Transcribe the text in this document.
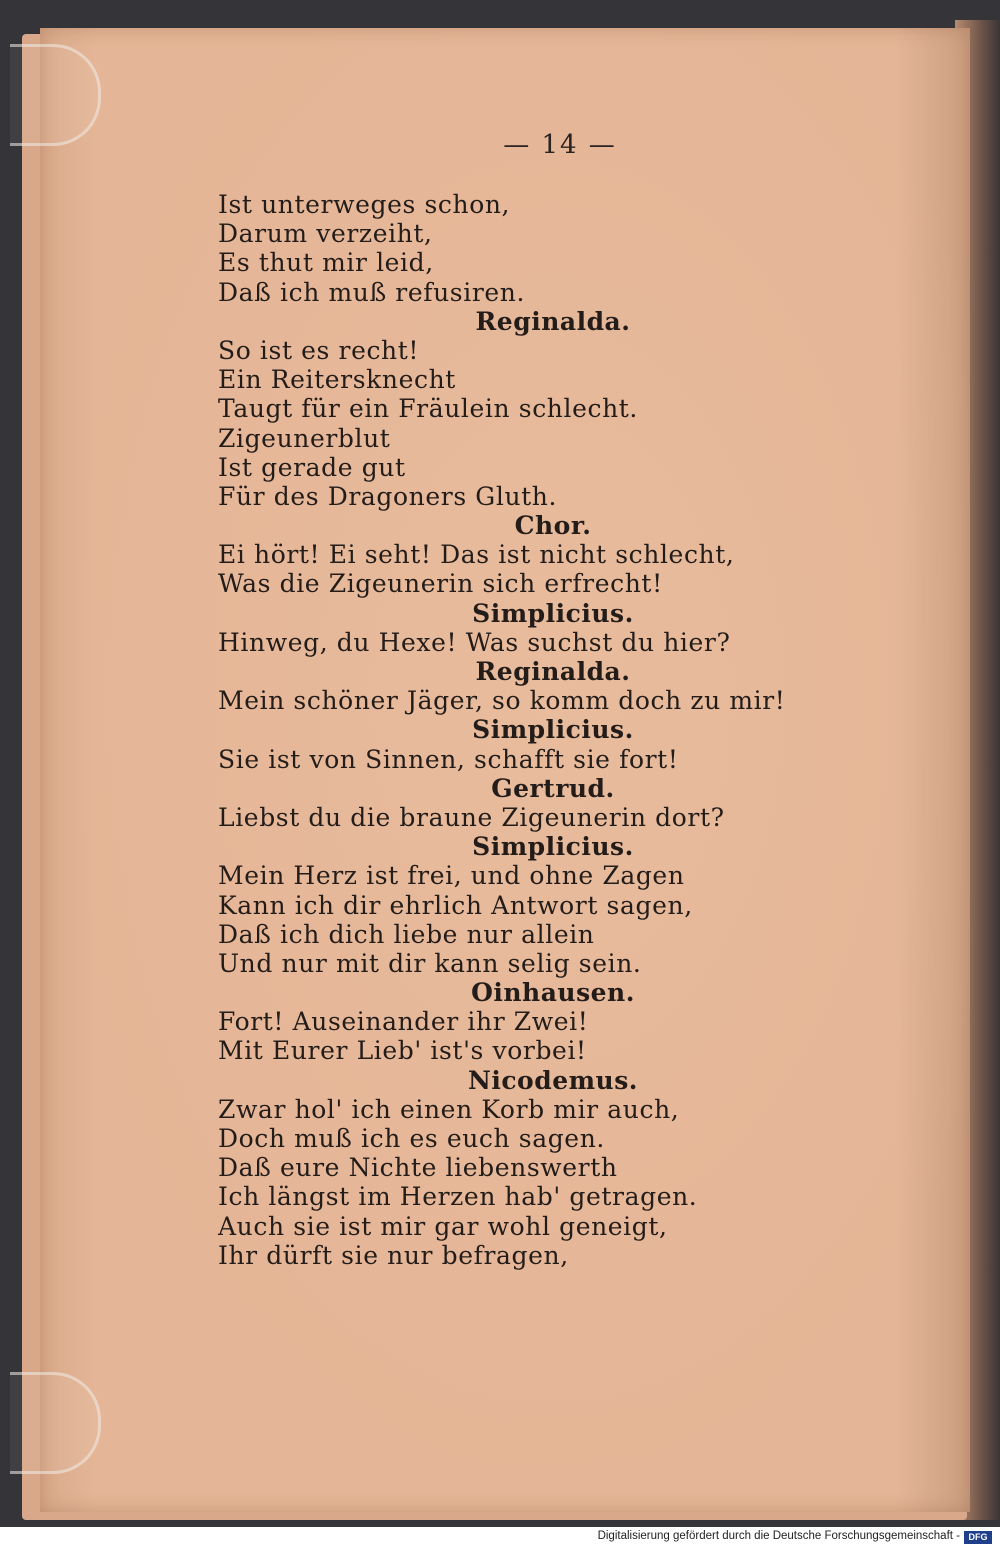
— 14 —
Ist unterweges schon,
Darum verzeiht,
Es thut mir leid,
Daß ich muß refusiren.
Reginalda.
So ist es recht!
Ein Reitersknecht
Taugt für ein Fräulein schlecht.
Zigeunerblut
Ist gerade gut
Für des Dragoners Gluth.
Chor.
Ei hört! Ei seht! Das ist nicht schlecht,
Was die Zigeunerin sich erfrecht!
Simplicius.
Hinweg, du Hexe! Was suchst du hier?
Reginalda.
Mein schöner Jäger, so komm doch zu mir!
Simplicius.
Sie ist von Sinnen, schafft sie fort!
Gertrud.
Liebst du die braune Zigeunerin dort?
Simplicius.
Mein Herz ist frei, und ohne Zagen
Kann ich dir ehrlich Antwort sagen,
Daß ich dich liebe nur allein
Und nur mit dir kann selig sein.
Oinhausen.
Fort! Auseinander ihr Zwei!
Mit Eurer Lieb' ist's vorbei!
Nicodemus.
Zwar hol' ich einen Korb mir auch,
Doch muß ich es euch sagen.
Daß eure Nichte liebenswerth
Ich längst im Herzen hab' getragen.
Auch sie ist mir gar wohl geneigt,
Ihr dürft sie nur befragen,
Digitalisierung gefördert durch die Deutsche Forschungsgemeinschaft - DFG
